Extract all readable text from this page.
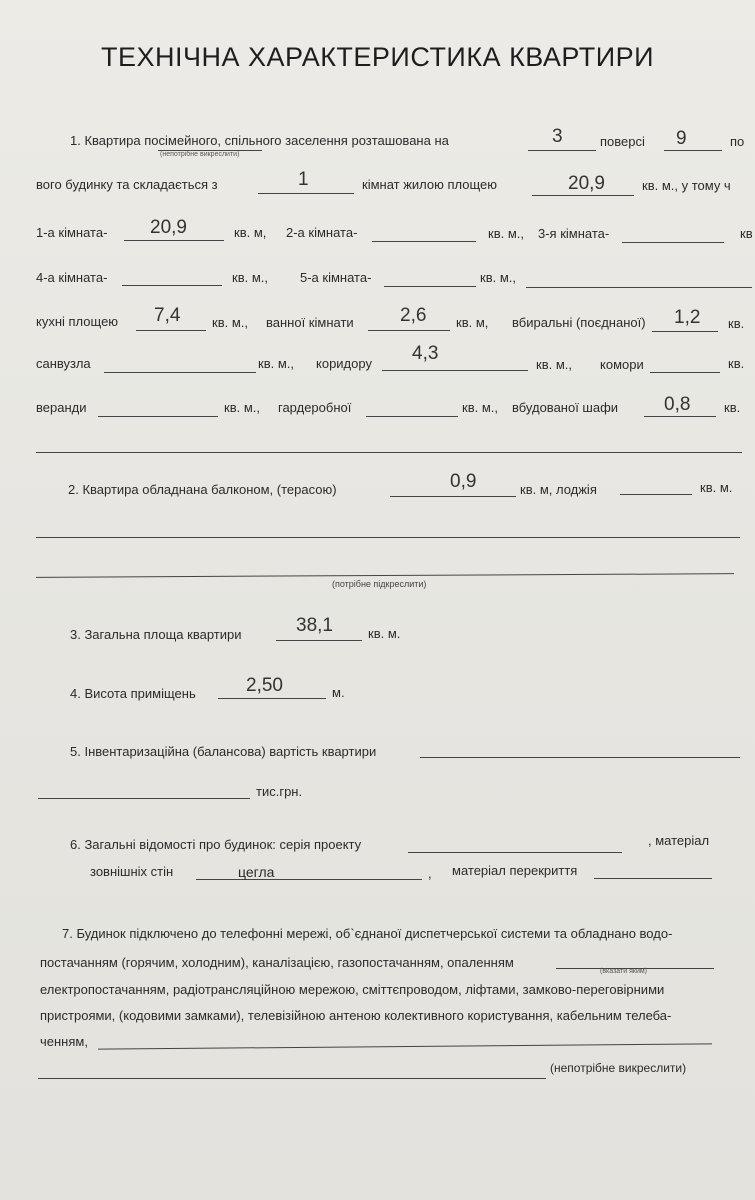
ТЕХНІЧНА ХАРАКТЕРИСТИКА КВАРТИРИ
1. Квартира посімейного, спільного заселення розташована на
(непотрібне викреслити)
3	поверсі 9	по
вого будинку та складається з	1	кімнат жилою площею	20,9	кв. м., у тому ч
1-а кімната- 20,9	кв. м, 2-а кімната-	кв. м., 3-я кімната-	кв
4-а кімната-	кв. м., 5-а кімната-	кв. м.,
кухні площею 7,4 кв. м., ванної кімнати 2,6 кв. м, вбиральні (поєднаної) 1,2 кв.
санвузла	кв. м., коридору 4,3
кв. м., комори	кв.
веранди	кв. м., гардеробної	кв. м., вбудованої шафи 0,8	кв.
2. Квартира обладнана балконом, (терасою)	0,9	кв. м, лоджія	кв. м.
(потрібне підкреслити)
3. Загальна площа квартири	38,1	кв. м.
4. Висота приміщень	2,50	м.
5. Інвентаризаційна (балансова) вартість квартири
тис.грн.
6. Загальні відомості про будинок: серія проекту	, матеріал
зовнішніх стін	цегла	, матеріал перекриття
7. Будинок підключено до телефонні мережі, об`єднаної диспетчерської системи та обладнано водо-
постачанням (горячим, холодним), каналізацією, газопостачанням, опаленням
(вказати яким)
електропостачанням, радіотрансляційною мережою, сміттєпроводом, ліфтами, замково-переговірними
пристроями, (кодовими замками), телевізійною антеною колективного користування, кабельним телеба-
ченням,
(непотрібне викреслити)
